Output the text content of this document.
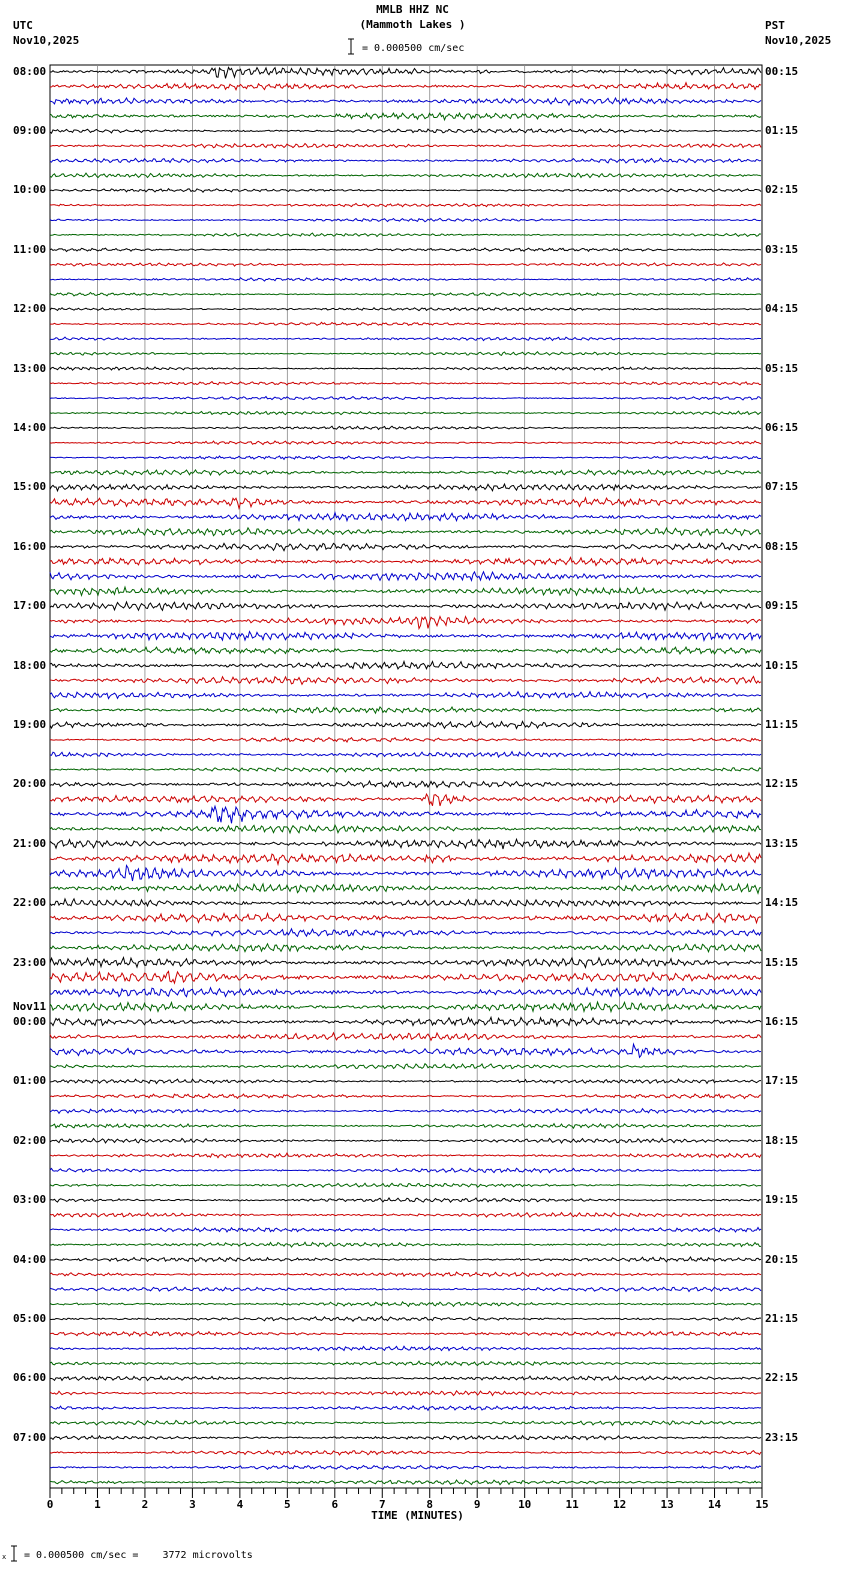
MMLB HHZ NC
(Mammoth Lakes )
= 0.000500 cm/sec
UTC
Nov10,2025
PST
Nov10,2025
0	1	2	3	4	5	6	7	8	9	10	11	12	13	14	15
08:00
09:00
10:00
11:00
12:00
13:00
14:00
15:00
16:00
17:00
18:00
19:00
20:00
21:00
22:00
23:00
00:00
01:00
02:00
03:00
04:00
05:00
06:00
07:00
00:15
01:15
02:15
03:15
04:15
05:15
06:15
07:15
08:15
09:15
10:15
11:15
12:15
13:15
14:15
15:15
16:15
17:15
18:15
19:15
20:15
21:15
22:15
23:15
Nov11
TIME (MINUTES)
x = 0.000500 cm/sec =    3772 microvolts
